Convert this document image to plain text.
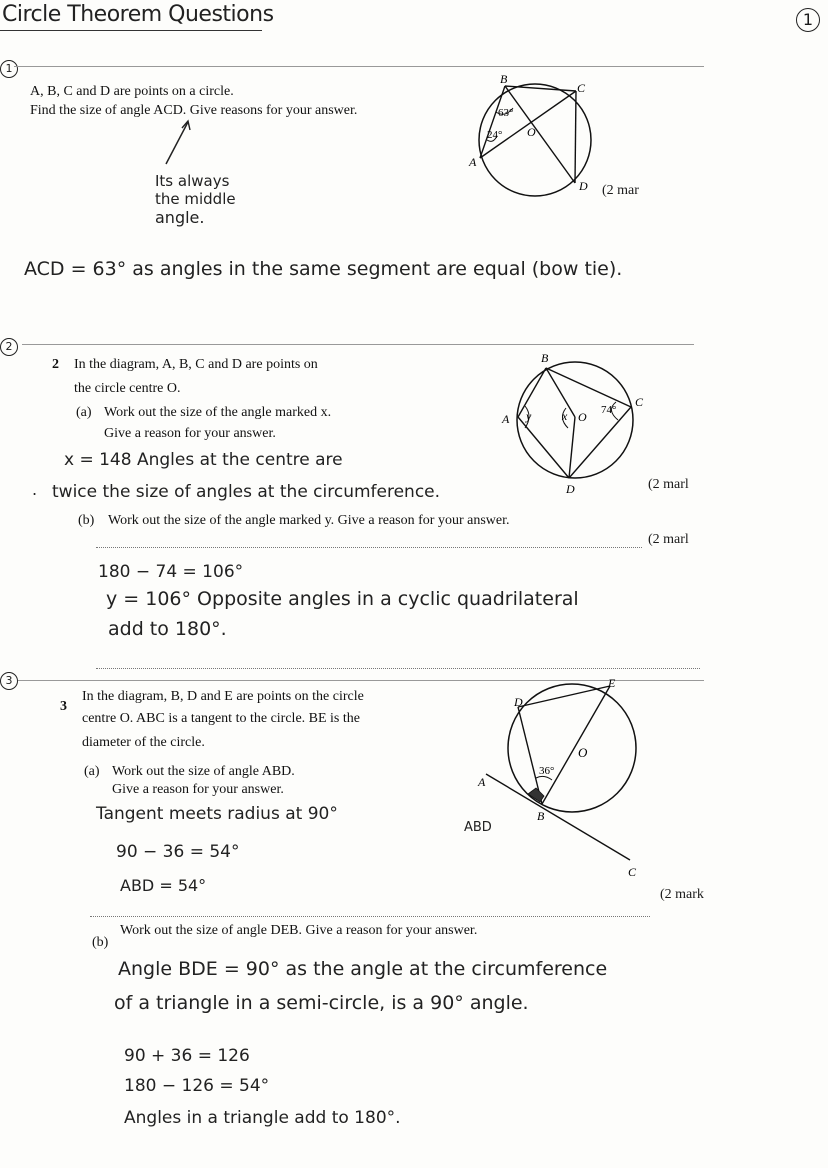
Circle Theorem Questions	1
1
A, B, C and D are points on a circle.
Find the size of angle ACD. Give reasons for your answer.
Its always
the middle
angle.
63°
24° O
B
C
A
D (2 mar
ACD = 63° as angles in the same segment are equal (bow tie).
2
2 In the diagram, A, B, C and D are points on
the circle centre O.
(a) Work out the size of the angle marked x.
Give a reason for your answer.
x = 148 Angles at the centre are
. twice the size of angles at the circumference.
y	x O 74°
B
A
C
D	(2 marl
(b) Work out the size of the angle marked y. Give a reason for your answer.
(2 marl
180 − 74 = 106°
y = 106° Opposite angles in a cyclic quadrilateral
add to 180°.
3
3
In the diagram, B, D and E are points on the circle
centre O. ABC is a tangent to the circle. BE is the
diameter of the circle.
(a) Work out the size of angle ABD.
Give a reason for your answer.
Tangent meets radius at 90°
90 − 36 = 54°
ABD = 54°
ABD
36°
O
D
E
A
B
C
(2 mark
(b)
Work out the size of angle DEB. Give a reason for your answer.
Angle BDE = 90° as the angle at the circumference
of a triangle in a semi-circle, is a 90° angle.
90 + 36 = 126
180 − 126 = 54°
Angles in a triangle add to 180°.
